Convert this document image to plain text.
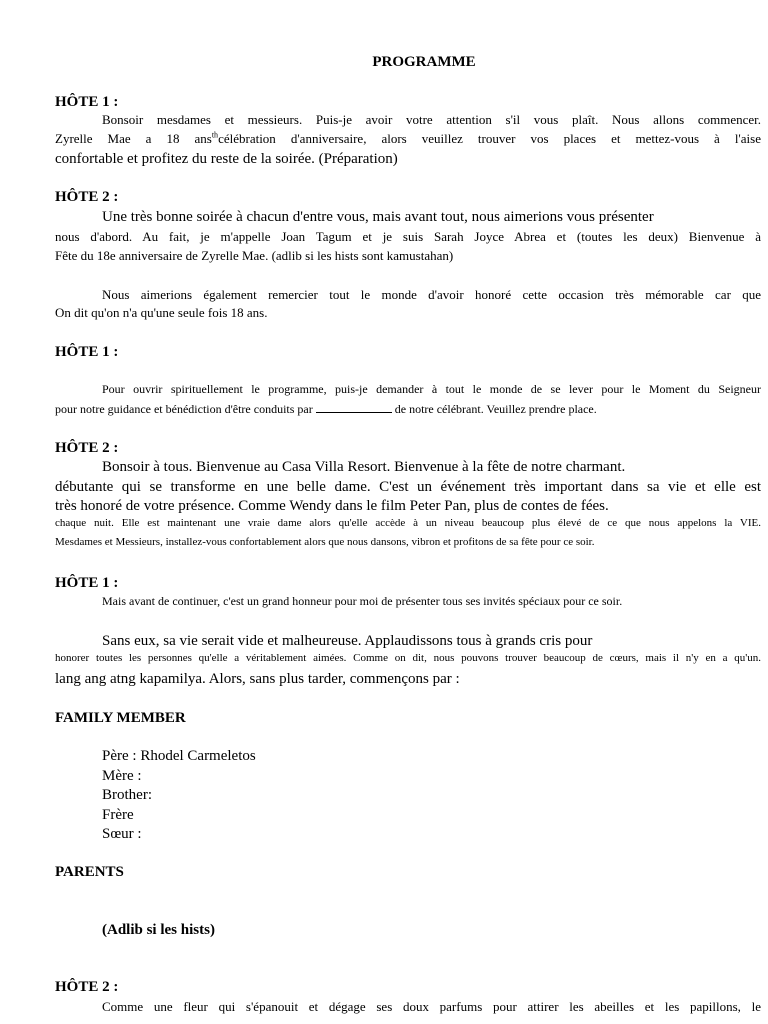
PROGRAMME
HÔTE 1 :
Bonsoir mesdames et messieurs. Puis-je avoir votre attention s'il vous plaît. Nous allons commencer.
Zyrelle Mae a 18 ans$^{th}$célébration d'anniversaire, alors veuillez trouver vos places et mettez-vous à l'aise
confortable et profitez du reste de la soirée. (Préparation)
HÔTE 2 :
Une très bonne soirée à chacun d'entre vous, mais avant tout, nous aimerions vous présenter
nous d'abord. Au fait, je m'appelle Joan Tagum et je suis Sarah Joyce Abrea et (toutes les deux) Bienvenue à
Fête du 18e anniversaire de Zyrelle Mae. (adlib si les hists sont kamustahan)
Nous aimerions également remercier tout le monde d'avoir honoré cette occasion très mémorable car que
On dit qu'on n'a qu'une seule fois 18 ans.
HÔTE 1 :
Pour ouvrir spirituellement le programme, puis-je demander à tout le monde de se lever pour le Moment du Seigneur
pour notre guidance et bénédiction d'être conduits par	de notre célébrant. Veuillez prendre place.
HÔTE 2 :
Bonsoir à tous. Bienvenue au Casa Villa Resort. Bienvenue à la fête de notre charmant.
débutante qui se transforme en une belle dame. C'est un événement très important dans sa vie et elle est
très honoré de votre présence. Comme Wendy dans le film Peter Pan, plus de contes de fées.
chaque nuit. Elle est maintenant une vraie dame alors qu'elle accède à un niveau beaucoup plus élevé de ce que nous appelons la VIE.
Mesdames et Messieurs, installez-vous confortablement alors que nous dansons, vibron et profitons de sa fête pour ce soir.
HÔTE 1 :
Mais avant de continuer, c'est un grand honneur pour moi de présenter tous ses invités spéciaux pour ce soir.
Sans eux, sa vie serait vide et malheureuse. Applaudissons tous à grands cris pour
honorer toutes les personnes qu'elle a véritablement aimées. Comme on dit, nous pouvons trouver beaucoup de cœurs, mais il n'y en a qu'un.
lang ang atng kapamilya. Alors, sans plus tarder, commençons par :
FAMILY MEMBER
Père : Rhodel Carmeletos
Mère :
Brother:
Frère
Sœur :
PARENTS
(Adlib si les hists)
HÔTE 2 :
Comme une fleur qui s'épanouit et dégage ses doux parfums pour attirer les abeilles et les papillons, le
